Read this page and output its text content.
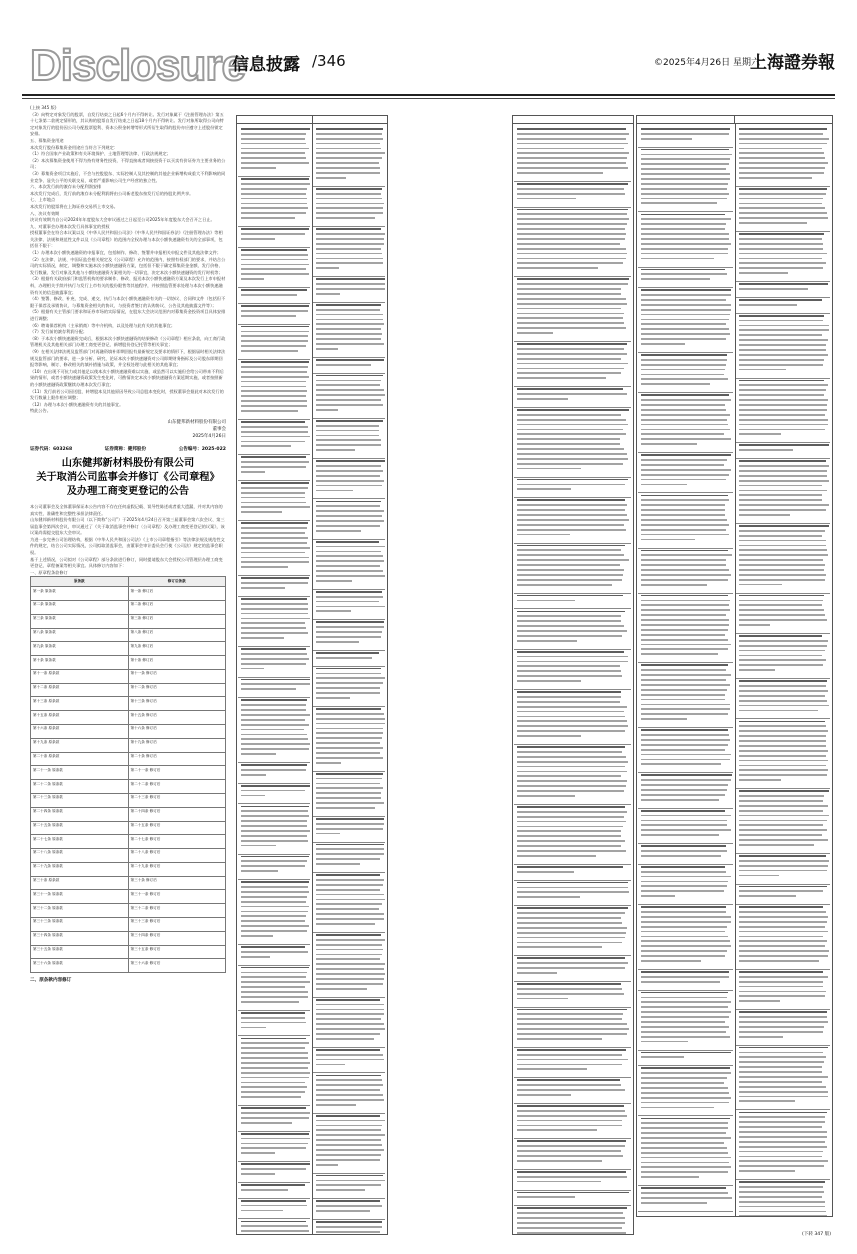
Disclosure
信息披露 /346	©2025年4月26日 星期六
上海證券報

(上接 345 版)

（3）向特定对象发行的股票，自发行结束之日起6个月内不得转让。发行对象属于《注册管理办法》第五十七条第二款规定情形的，其认购的股票自发行结束之日起18个月内不得转让。发行对象所取得公司向特定对象发行的股份因公司分配股票股利、资本公积金转增等形式所衍生取得的股份亦应遵守上述股份锁定安排。

五、募集资金用途

本次发行股份募集资金用途应当符合下列规定：

（1）符合国家产业政策和有关环境保护、土地管理等法律、行政法规规定；

（2）本次募集资金使用不得为持有财务性投资，不得直接或者间接投资于以买卖有价证券为主要业务的公司；

（3）募集资金项目实施后，不会与控股股东、实际控制人及其控制的其他企业新增构成重大不利影响的同业竞争、显失公平的关联交易，或者严重影响公司生产经营的独立性。

六、本次发行前的滚存未分配利润安排

本次发行完成后，发行前的滚存未分配利润将由公司新老股东按发行后的持股比例共享。

七、上市地点

本次发行的股票将在上海证券交易所上市交易。

八、决议有效期

决议有效期为自公司2024年年度股东大会审议通过之日起至公司2025年年度股东大会召开之日止。

九、对董事会办理本次发行具体事宜的授权

授权董事会在符合本议案以及《中华人民共和国公司法》《中华人民共和国证券法》《注册管理办法》等相关法律、法规和规范性文件以及《公司章程》的范围内全权办理与本次小额快速融资有关的全部事项，包括但不限于：

（1）办理本次小额快速融资的申报事宜，包括制作、修改、签署并申报相关申报文件及其他法律文件；

（2）在法律、法规、中国证监会相关规定及《公司章程》允许的范围内，按照有权部门的要求，并结合公司的实际情况，制定、调整和实施本次小额快速融资方案，包括但不限于确定募集资金金额、发行价格、发行数量、发行对象及其他与小额快速融资方案相关的一切事宜，决定本次小额快速融资的发行时机等；

（3）根据有关政府部门和监管机构的要求制作、修改、报送本次小额快速融资方案及本次发行上市申报材料，办理相关手续并执行与发行上市有关的股份限售等其他程序，并按照监管要求处理与本次小额快速融资有关的信息披露事宜；

（4）签署、修改、补充、完成、递交、执行与本次小额快速融资有关的一切协议、合同和文件（包括但不限于保荐及承销协议、与募集资金相关的协议、与投资者签订的认购协议、公告及其他披露文件等）；

（5）根据有关主管部门要求和证券市场的实际情况，在股东大会决议范围内对募集资金投资项目具体安排进行调整；

（6）聘请保荐机构（主承销商）等中介机构，以及处理与此有关的其他事宜；

（7）发行前的滚存利润分配；

（8）于本次小额快速融资完成后，根据本次小额快速融资的结果修改《公司章程》相应条款，向工商行政管理机关及其他相关部门办理工商变更登记、新增股份登记托管等相关事宜；

（9）在相关法律法规及监管部门对再融资填补即期回报有最新规定及要求的情形下，根据届时相关法律法规及监管部门的要求，进一步分析、研究、论证本次小额快速融资对公司即期财务指标及公司股东即期回报等影响，制订、修改相关的填补措施与政策，并全权处理与此相关的其他事宜；

（10）在出现不可抗力或其他足以使本次小额快速融资难以实施、或虽然可以实施但会给公司带来不利后果的情形，或者小额快速融资政策发生变化时，可酌情决定本次小额快速融资方案延期实施，或者按照新的小额快速融资政策继续办理本次发行事宜；

（11）发行前若公司因送股、转增股本及其他原因导致公司总股本变化时，授权董事会据此对本次发行的发行数量上限作相应调整；

（12）办理与本次小额快速融资有关的其他事宜。

特此公告。

山东健邦新材料股份有限公司
董事会
2025年4月26日
证券代码：603268	证券简称：健邦股份	公告编号：2025-022
山东健邦新材料股份有限公司
关于取消公司监事会并修订《公司章程》
及办理工商变更登记的公告

本公司董事会及全体董事保证本公告内容不存在任何虚假记载、误导性陈述或者重大遗漏，并对其内容的真实性、准确性和完整性承担法律责任。

山东健邦新材料股份有限公司（以下简称“公司”）于2025年4月24日召开第三届董事会第六次会议、第三届监事会第四次会议，审议通过了《关于取消监事会并修订〈公司章程〉及办理工商变更登记的议案》，该议案尚需提交股东大会审议。

为进一步完善公司治理结构，根据《中华人民共和国公司法》《上市公司章程指引》等法律法规及规范性文件的规定，结合公司实际情况，公司拟取消监事会，由董事会审计委员会行使《公司法》规定的监事会职权。

基于上述情况，公司拟对《公司章程》部分条款进行修订，同时提请股东大会授权公司管理层办理工商变更登记、章程备案等相关事宜。具体修订内容如下：

一、原章程条款修订

原条款	修订后条款
第一条 原条款	第一条 修订后
第二条 原条款	第二条 修订后
第三条 原条款	第三条 修订后
第八条 原条款	第八条 修订后
第九条 原条款	第九条 修订后
第十条 原条款	第十条 修订后
第十一条 原条款	第十一条 修订后
第十二条 原条款	第十二条 修订后
第十三条 原条款	第十三条 修订后
第十五条 原条款	第十五条 修订后
第十六条 原条款	第十六条 修订后
第十九条 原条款	第十九条 修订后
第二十条 原条款	第二十条 修订后
第二十一条 原条款	第二十一条 修订后
第二十二条 原条款	第二十二条 修订后
第二十三条 原条款	第二十三条 修订后
第二十四条 原条款	第二十四条 修订后
第二十五条 原条款	第二十五条 修订后
第二十七条 原条款	第二十七条 修订后
第二十八条 原条款	第二十八条 修订后
第二十九条 原条款	第二十九条 修订后
第三十条 原条款	第三十条 修订后
第三十一条 原条款	第三十一条 修订后
第三十二条 原条款	第三十二条 修订后
第三十三条 原条款	第三十三条 修订后
第三十四条 原条款	第三十四条 修订后
第三十五条 原条款	第三十五条 修订后
第三十六条 原条款	第三十六条 修订后
二、原条款内容修订
(下转 347 版)
